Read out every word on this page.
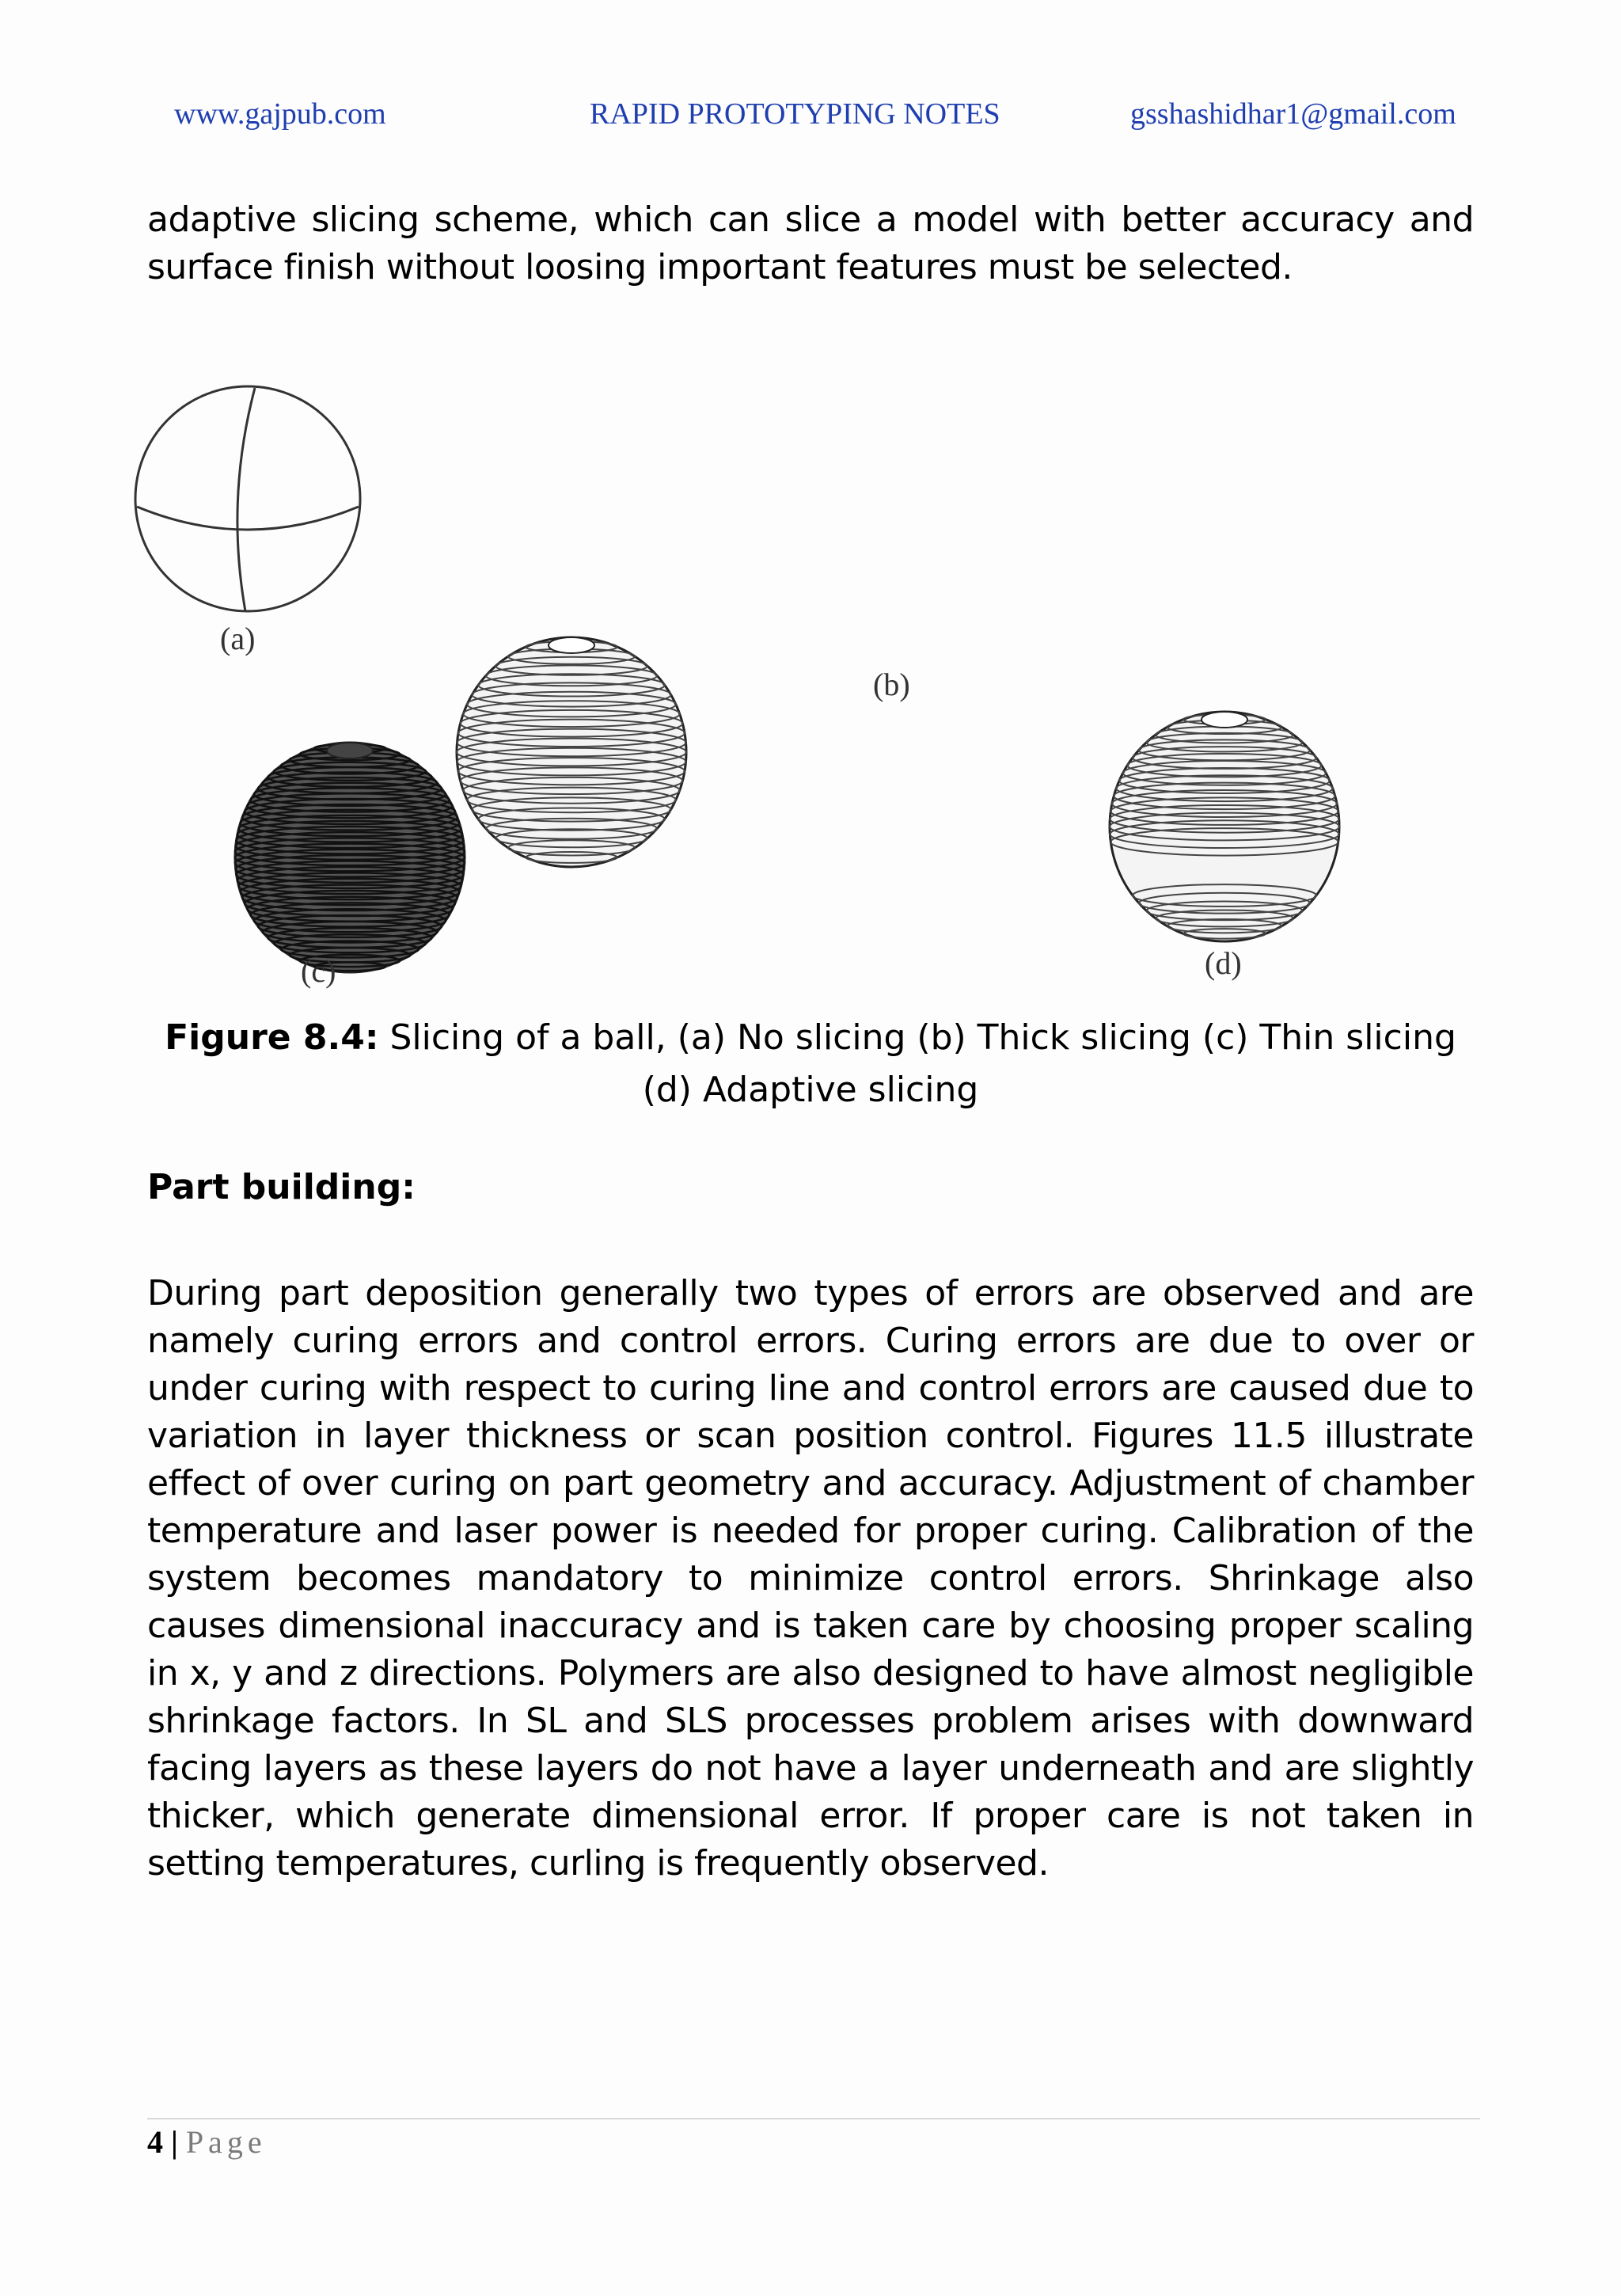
www.gajpub.com	RAPID PROTOTYPING NOTES	gsshashidhar1@gmail.com
adaptive slicing scheme, which can slice a model with better accuracy and surface finish without loosing important features must be selected.
(a)
(c)
(b)
(d)
Figure 8.4: Slicing of a ball, (a) No slicing (b) Thick slicing (c) Thin slicing (d) Adaptive slicing
Part building:
During part deposition generally two types of errors are observed and are namely curing errors and control errors. Curing errors are due to over or under curing with respect to curing line and control errors are caused due to variation in layer thickness or scan position control. Figures 11.5 illustrate effect of over curing on part geometry and accuracy. Adjustment of chamber temperature and laser power is needed for proper curing. Calibration of the system becomes mandatory to minimize control errors. Shrinkage also causes dimensional inaccuracy and is taken care by choosing proper scaling in x, y and z directions. Polymers are also designed to have almost negligible shrinkage factors. In SL and SLS processes problem arises with downward facing layers as these layers do not have a layer underneath and are slightly thicker, which generate dimensional error. If proper care is not taken in setting temperatures, curling is frequently observed.
4 | Page
